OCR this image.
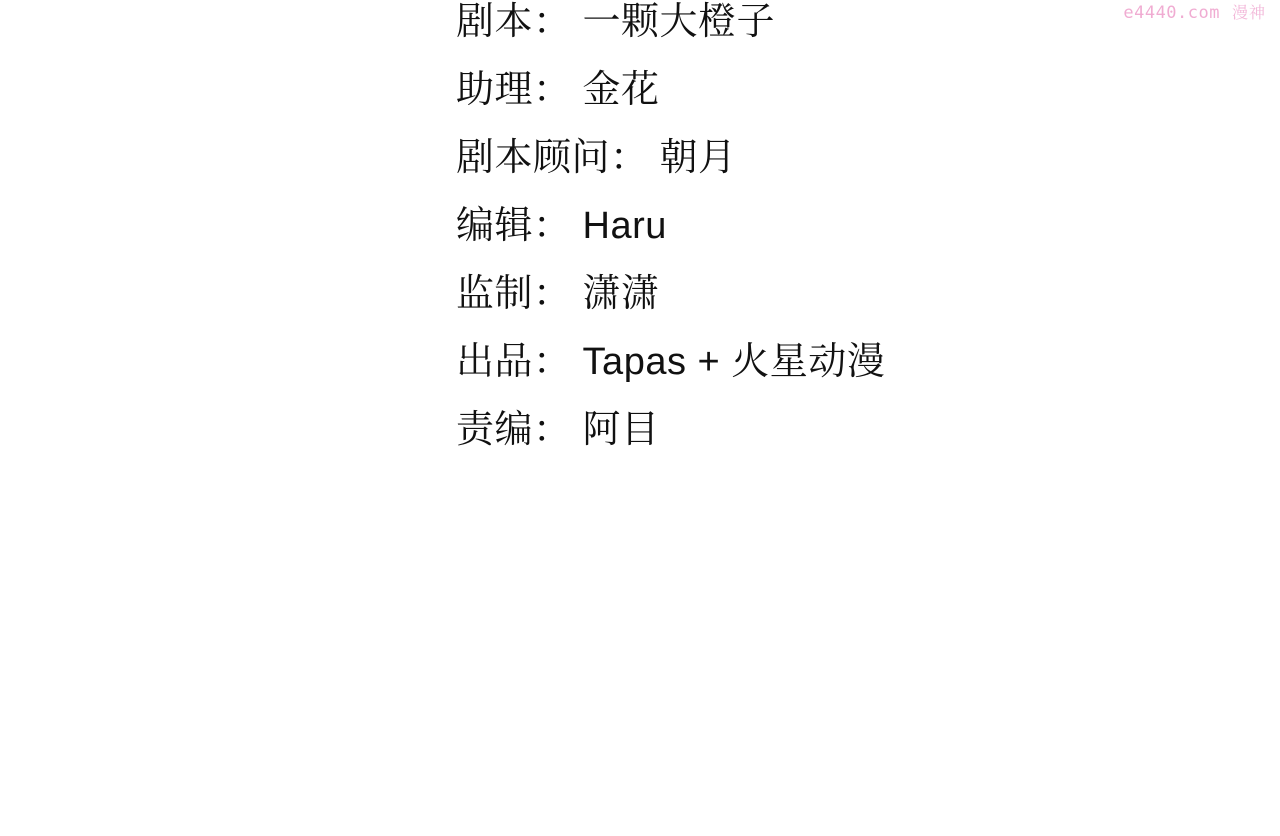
剧本： 一颗大橙子
助理： 金花
剧本顾问： 朝月
编辑： Haru
监制： 潇潇
出品： Tapas + 火星动漫
责编： 阿目
e4440.com 漫神
